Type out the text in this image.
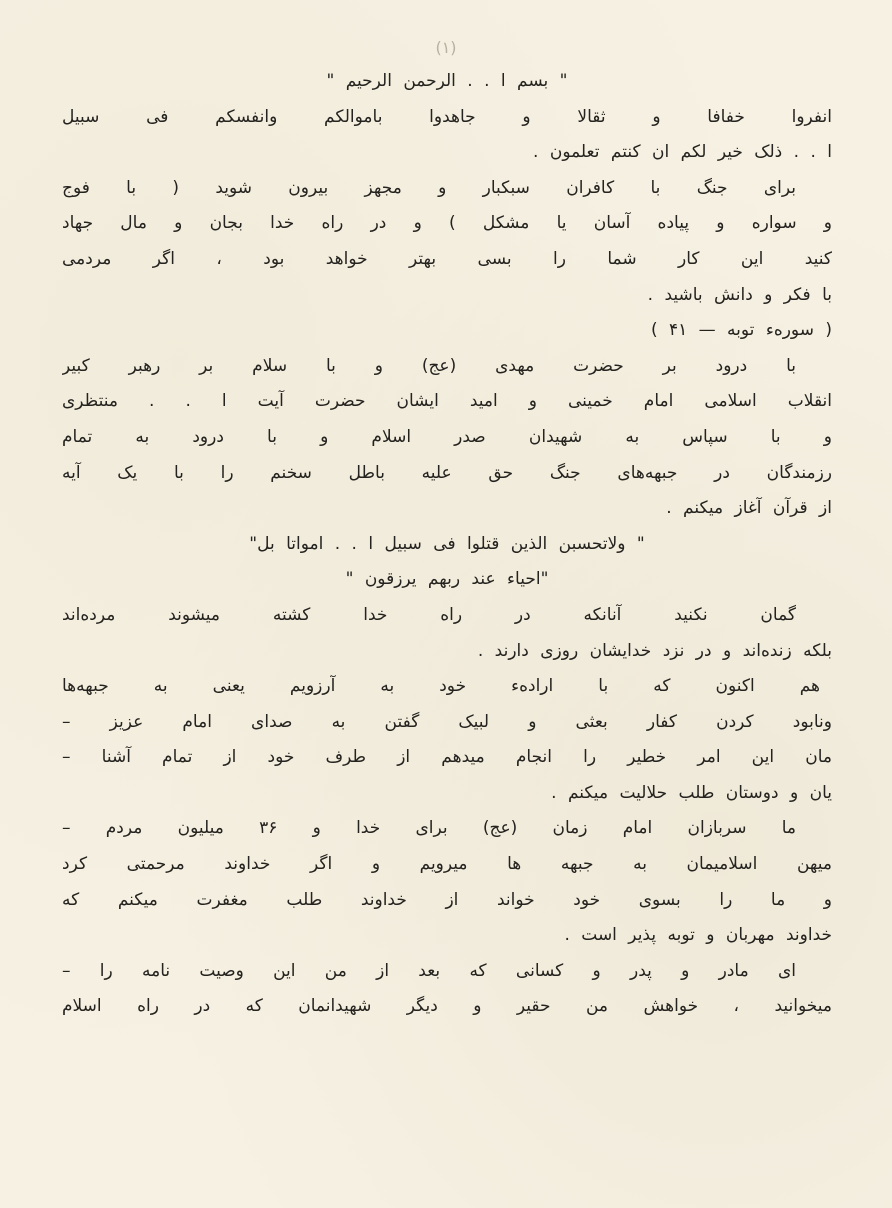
(۱)
" بسم ا . . الرحمن الرحیم "
انفروا خفافا و ثقالا و جاهدوا باموالکم وانفسکم فی سبیل
ا . . ذلک خیر لکم ان کنتم تعلمون .
برای جنگ با کافران سبکبار و مجهز بیرون شوید ( با فوج
و سواره و پیاده آسان یا مشکل ) و در راه خدا بجان و مال جهاد
کنید این کار شما را بسی بهتر خواهد بود ، اگر مردمی
با فکر و دانش باشید .
( سوره‌ء توبه — ۴۱ )
با درود بر حضرت مهدی (عج) و با سلام بر رهبر کبیر
انقلاب اسلامی امام خمینی و امید ایشان حضرت آیت ا . . منتظری
و با سپاس به شهیدان صدر اسلام و با درود به تمام
رزمندگان در جبهه‌های جنگ حق علیه باطل سخنم را با یک آیه
از قرآن آغاز میکنم .
" ولاتحسبن الذین قتلوا فی سبیل ا . . امواتا بل"
"احیاء عند ربهم یرزقون "
گمان نکنید آنانکه در راه خدا کشته میشوند مرده‌اند
بلکه زنده‌اند و در نزد خدایشان روزی دارند .
هم اکنون که با اراده‌ء خود به آرزویم یعنی به جبهه‌ها
ونابود کردن کفار بعثی و لبیک گفتن به صدای امام عزیز –
مان این امر خطیر را انجام میدهم از طرف خود از تمام آشنا –
یان و دوستان طلب حلالیت میکنم .
ما سربازان امام زمان (عج) برای خدا و ۳۶ میلیون مردم –
میهن اسلامیمان به جبهه ها میرویم و اگر خداوند مرحمتی کرد
و ما را بسوی خود خواند از خداوند طلب مغفرت میکنم که
خداوند مهربان و توبه پذیر است .
ای مادر و پدر و کسانی که بعد از من این وصیت نامه را –
میخوانید ، خواهش من حقیر و دیگر شهیدانمان که در راه اسلام
